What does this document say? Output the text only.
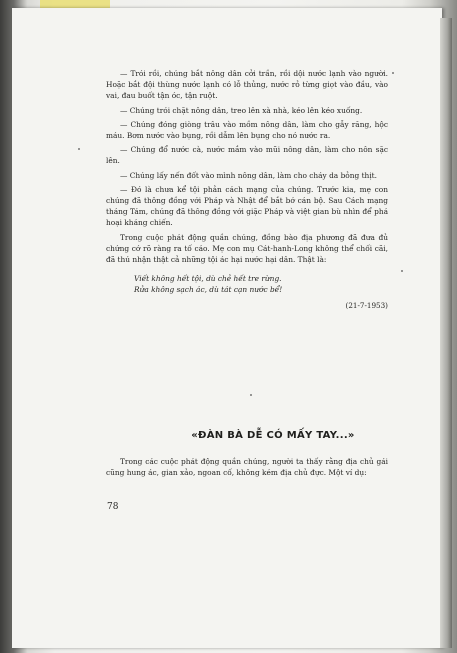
— Trói rồi, chúng bắt nông dân cởi trần, rồi dội nước lạnh vào người. Hoặc bắt đội thùng nước lạnh có lỗ thủng, nước rỏ từng giọt vào đầu, vào vai, đau buốt tận óc, tận ruột.

— Chúng trói chặt nông dân, treo lên xà nhà, kéo lên kéo xuống.

— Chúng đóng giòng trâu vào mồm nông dân, làm cho gẫy răng, hộc máu. Bơm nước vào bụng, rồi dẫm lên bụng cho nó nước ra.

— Chúng đổ nước cà, nước mắm vào mũi nông dân, làm cho nôn sặc lên.

— Chúng lấy nến đốt vào mình nông dân, làm cho cháy da bỏng thịt.

— Đó là chưa kể tội phản cách mạng của chúng. Trước kia, mẹ con chúng đã thông đồng với Pháp và Nhật để bắt bớ cán bộ. Sau Cách mạng tháng Tám, chúng đã thông đồng với giặc Pháp và việt gian bù nhìn để phá hoại kháng chiến.

Trong cuộc phát động quần chúng, đồng bào địa phương đã đưa đủ chứng cớ rõ ràng ra tố cáo. Mẹ con mụ Cát-hanh-Long không thể chối cãi, đã thú nhận thật cả những tội ác hại nước hại dân. Thật là:

Viết không hết tội, dù chẻ hết tre rừng.
Rửa không sạch ác, dù tát cạn nước bể!
(21-7-1953)
«ĐÀN BÀ DỄ CÓ MẤY TAY...»

Trong các cuộc phát động quần chúng, người ta thấy rằng địa chủ gái cũng hung ác, gian xảo, ngoan cố, không kém địa chủ đực. Một ví dụ:

78
